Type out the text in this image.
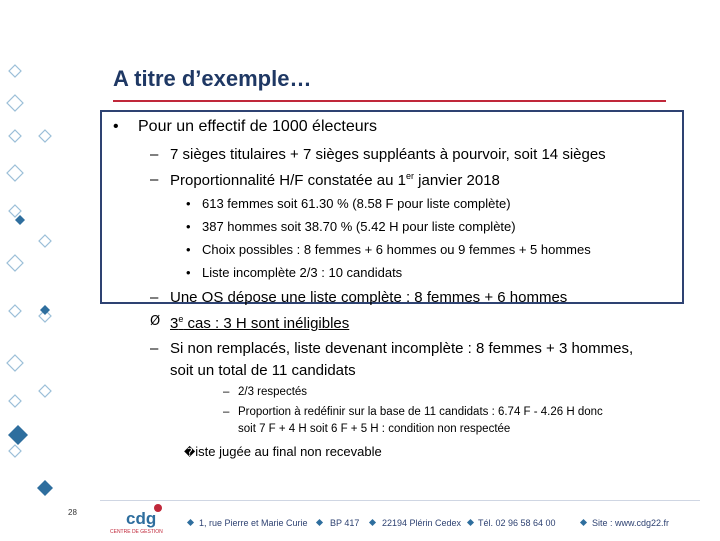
A titre d’exemple…
• Pour un effectif de 1000 électeurs
– 7 sièges titulaires + 7 sièges suppléants à pourvoir, soit 14 sièges
– Proportionnalité H/F constatée au 1er janvier 2018
• 613 femmes soit 61.30 % (8.58 F pour liste complète)
• 387 hommes soit 38.70 % (5.42 H pour liste complète)
• Choix possibles : 8 femmes + 6 hommes ou 9 femmes + 5 hommes
• Liste incomplète 2/3 : 10 candidats
– Une OS dépose une liste complète : 8 femmes + 6 hommes
Ø 3e cas : 3 H sont inéligibles
– Si non remplacés, liste devenant incomplète : 8 femmes + 3 hommes,
soit un total de 11 candidats
– 2/3 respectés
– Proportion à redéfinir sur la base de 11 candidats : 6.74 F - 4.26 H donc
soit 7 F + 4 H soit 6 F + 5 H : condition non respectée
�iste jugée au final non recevable
28	cdg
CENTRE DE GESTION
1, rue Pierre et Marie Curie BP 417	22194 Plérin Cedex Tél. 02 96 58 64 00	Site : www.cdg22.fr
